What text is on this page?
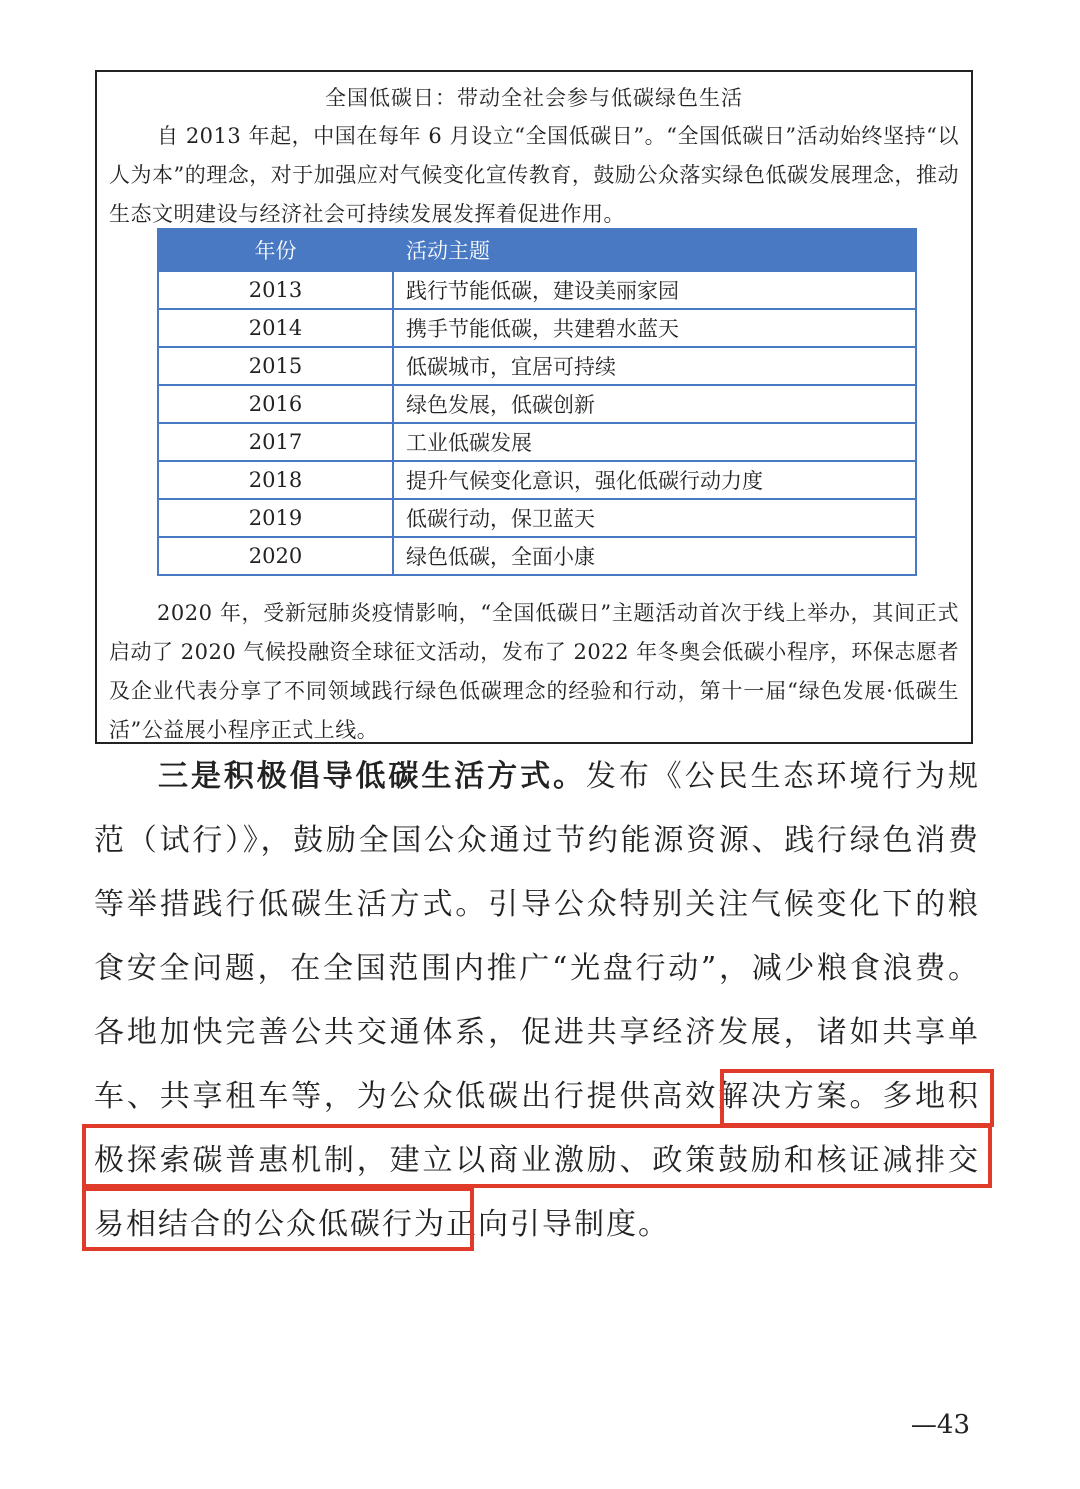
全国低碳日：带动全社会参与低碳绿色生活

自 2013 年起，中国在每年 6 月设立“全国低碳日”。“全国低碳日”活动始终坚持“以人为本”的理念，对于加强应对气候变化宣传教育，鼓励公众落实绿色低碳发展理念，推动生态文明建设与经济社会可持续发展发挥着促进作用。

年份	活动主题
2013	践行节能低碳，建设美丽家园
2014	携手节能低碳，共建碧水蓝天
2015	低碳城市，宜居可持续
2016	绿色发展，低碳创新
2017	工业低碳发展
2018	提升气候变化意识，强化低碳行动力度
2019	低碳行动，保卫蓝天
2020	绿色低碳，全面小康

2020 年，受新冠肺炎疫情影响，“全国低碳日”主题活动首次于线上举办，其间正式启动了 2020 气候投融资全球征文活动，发布了 2022 年冬奥会低碳小程序，环保志愿者及企业代表分享了不同领域践行绿色低碳理念的经验和行动，第十一届“绿色发展·低碳生活”公益展小程序正式上线。

三是积极倡导低碳生活方式。发布《公民生态环境行为规范（试行）》，鼓励全国公众通过节约能源资源、践行绿色消费等举措践行低碳生活方式。引导公众特别关注气候变化下的粮食安全问题，在全国范围内推广“光盘行动”，减少粮食浪费。各地加快完善公共交通体系，促进共享经济发展，诸如共享单车、共享租车等，为公众低碳出行提供高效解决方案。多地积极探索碳普惠机制，建立以商业激励、政策鼓励和核证减排交易相结合的公众低碳行为正向引导制度。

—43
